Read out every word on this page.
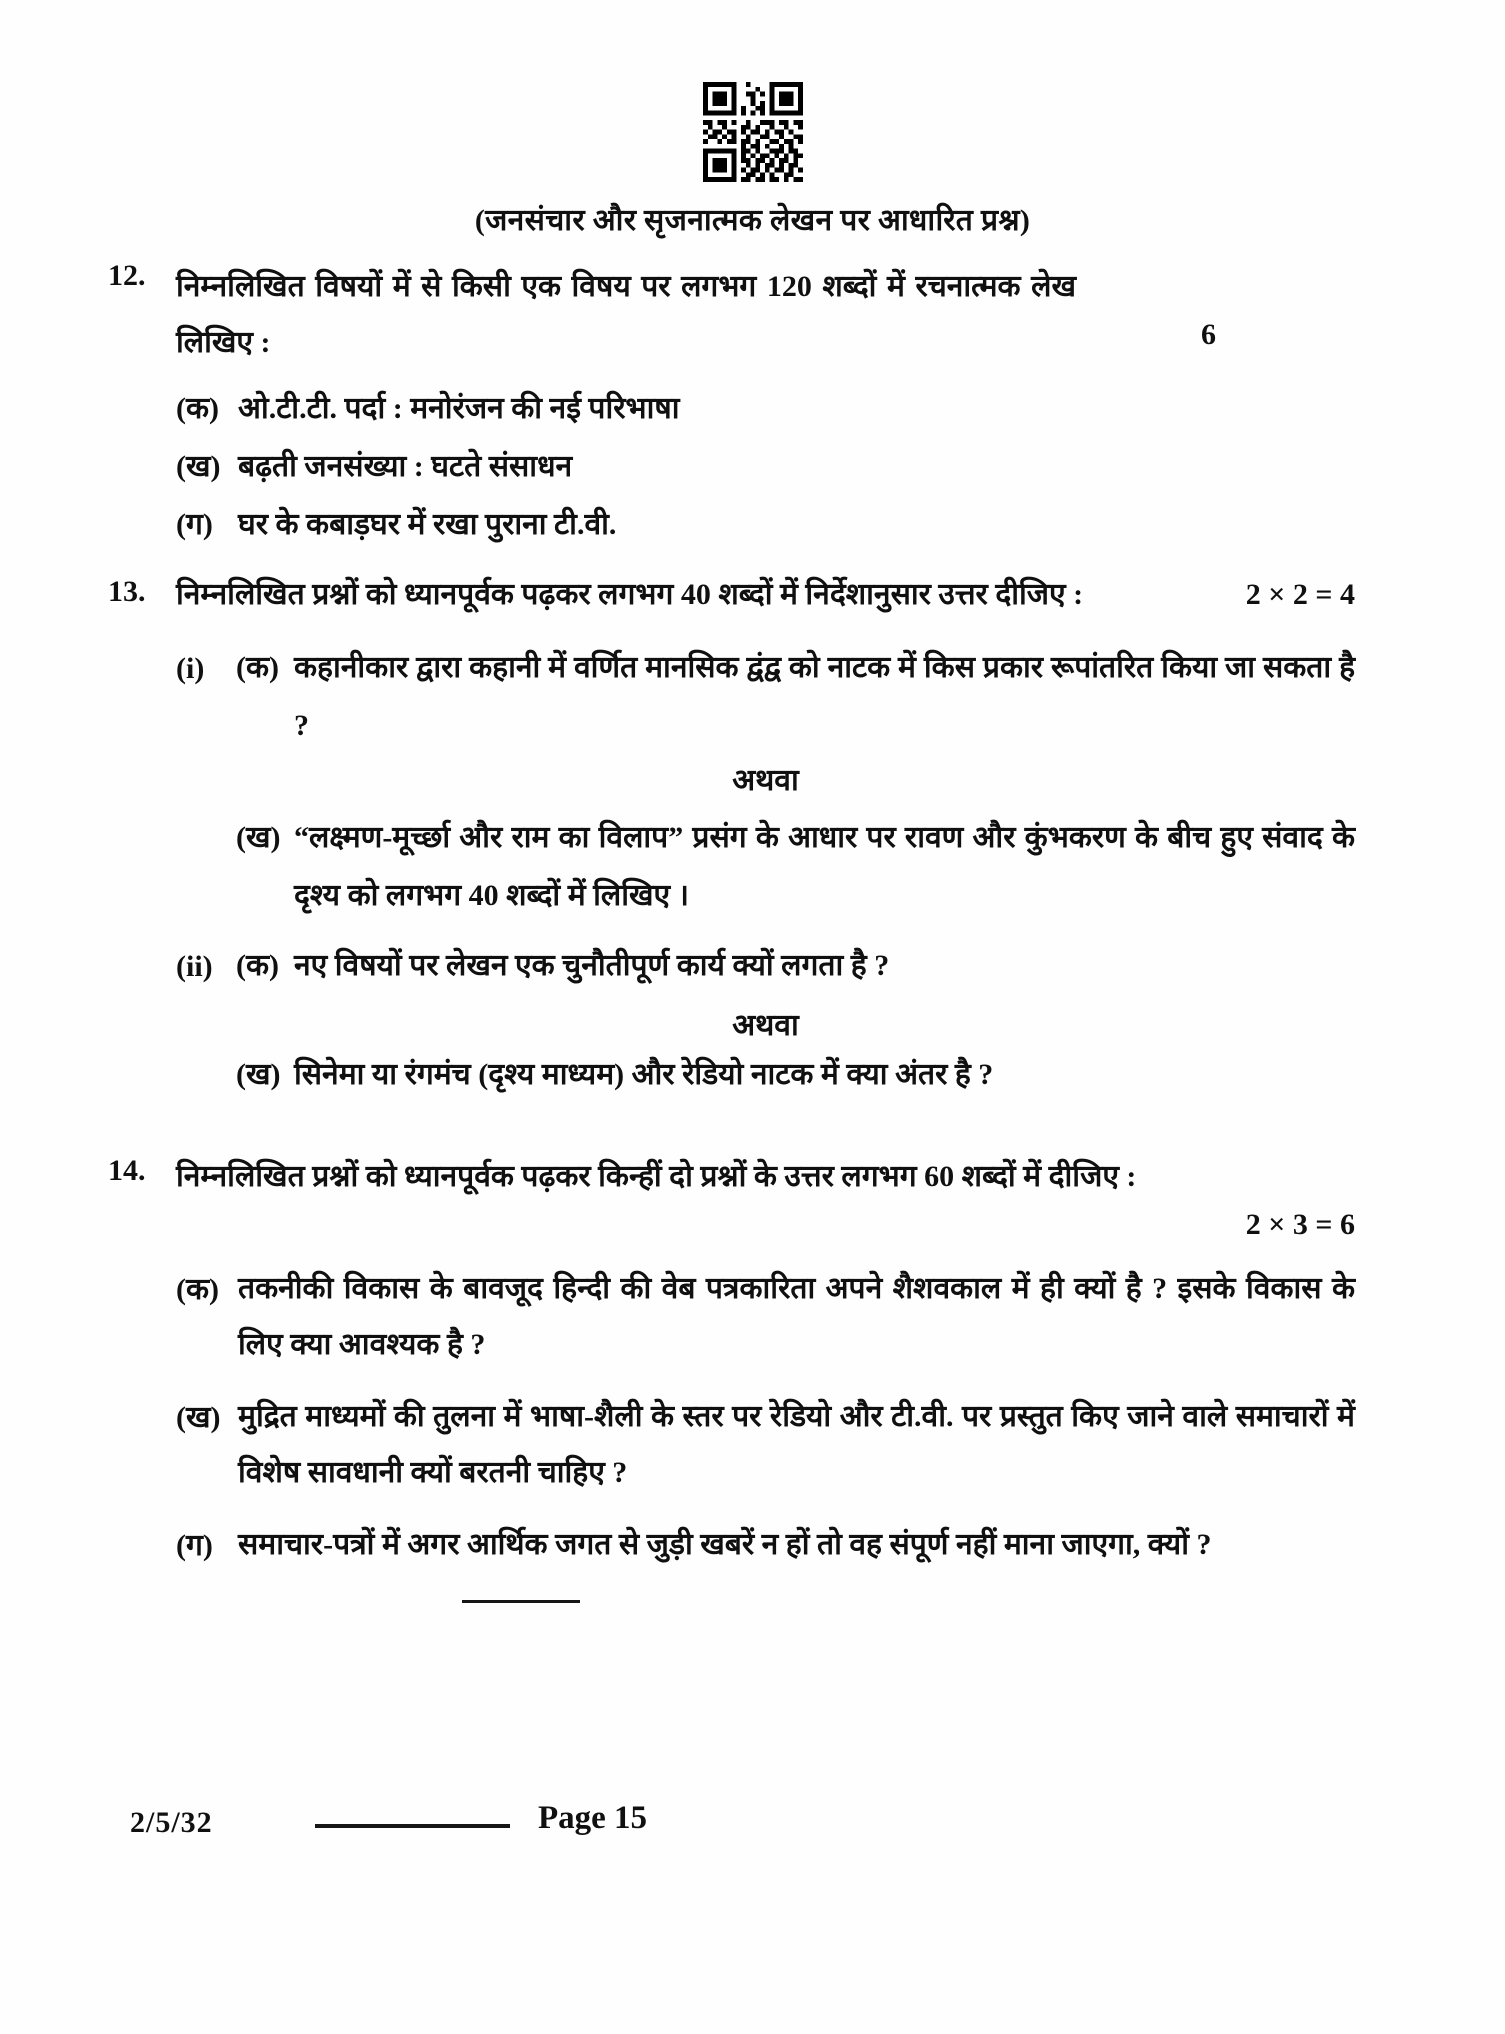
(जनसंचार और सृजनात्मक लेखन पर आधारित प्रश्न)
12.	निम्नलिखित विषयों में से किसी एक विषय पर लगभग 120 शब्दों में रचनात्मक लेख लिखिए :	6
(क) ओ.टी.टी. पर्दा : मनोरंजन की नई परिभाषा
(ख) बढ़ती जनसंख्या : घटते संसाधन
(ग) घर के कबाड़घर में रखा पुराना टी.वी.
13.	निम्नलिखित प्रश्नों को ध्यानपूर्वक पढ़कर लगभग 40 शब्दों में निर्देशानुसार उत्तर दीजिए :	2 × 2 = 4
(i)	(क) कहानीकार द्वारा कहानी में वर्णित मानसिक द्वंद्व को नाटक में किस प्रकार रूपांतरित किया जा सकता है ?
अथवा
(ख) “लक्ष्मण-मूर्च्छा और राम का विलाप” प्रसंग के आधार पर रावण और कुंभकरण के बीच हुए संवाद के दृश्य को लगभग 40 शब्दों में लिखिए ।
(ii) (क) नए विषयों पर लेखन एक चुनौतीपूर्ण कार्य क्यों लगता है ?
अथवा
(ख) सिनेमा या रंगमंच (दृश्य माध्यम) और रेडियो नाटक में क्या अंतर है ?
14.	निम्नलिखित प्रश्नों को ध्यानपूर्वक पढ़कर किन्हीं दो प्रश्नों के उत्तर लगभग 60 शब्दों में दीजिए :
2 × 3 = 6
(क) तकनीकी विकास के बावजूद हिन्दी की वेब पत्रकारिता अपने शैशवकाल में ही क्यों है ? इसके विकास के लिए क्या आवश्यक है ?
(ख) मुद्रित माध्यमों की तुलना में भाषा-शैली के स्तर पर रेडियो और टी.वी. पर प्रस्तुत किए जाने वाले समाचारों में विशेष सावधानी क्यों बरतनी चाहिए ?
(ग) समाचार-पत्रों में अगर आर्थिक जगत से जुड़ी खबरें न हों तो वह संपूर्ण नहीं माना जाएगा, क्यों ?
2/5/32	Page 15
